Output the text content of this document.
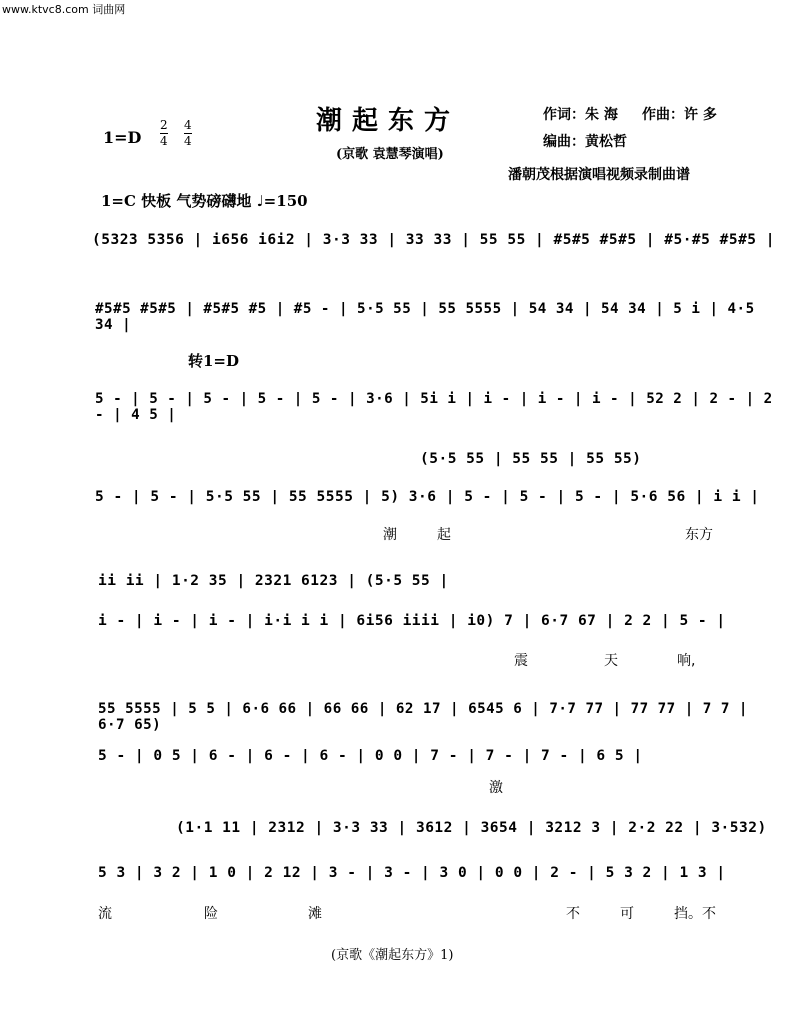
www.ktvc8.com 词曲网
$1=D \frac{2}{4} \frac{4}{4}$	潮起东方
(京歌 袁慧琴演唱)
作词：朱 海 作曲：许 多
编曲：黄松哲
潘朝茂根据演唱视频录制曲谱
1=C 快板 气势磅礴地 ♩=150
(5323 5356 | i656 i6i2 | 3·3 33 | 33 33 | 55 55 | #5#5 #5#5 | #5·#5 #5#5 |
#5#5 #5#5 | #5#5 #5 | #5 - | 5·5 55 | 55 5555 | 54 34 | 54 34 | 5 i | 4·5 34 |
转1=D
5 - | 5 - | 5 - | 5 - | 5 - | 3·6 | 5i i | i - | i - | i - | 52 2 | 2 - | 2 - | 4 5 |
(5·5 55 | 55 55 | 55 55)
5 - | 5 - | 5·5 55 | 55 5555 | 5) 3·6 | 5 - | 5 - | 5 - | 5·6 56 | i i |
潮	起	东方
ii ii | 1·2 35 | 2321 6123 | (5·5 55 |
i - | i - | i - | i·i i i | 6i56 iiii | i0) 7 | 6·7 67 | 2 2 | 5 - |
震	天	响,
55 5555 | 5 5 | 6·6 66 | 66 66 | 62 17 | 6545 6 | 7·7 77 | 77 77 | 7 7 | 6·7 65)
5 - | 0 5 | 6 - | 6 - | 6 - | 0 0 | 7 - | 7 - | 7 - | 6 5 |
激
(1·1 11 | 2312 | 3·3 33 | 3612 | 3654 | 3212 3 | 2·2 22 | 3·532)
5 3 | 3 2 | 1 0 | 2 12 | 3 - | 3 - | 3 0 | 0 0 | 2 - | 5 3 2 | 1 3 |
流	险	滩	不	可	挡。不
(京歌《潮起东方》1)
